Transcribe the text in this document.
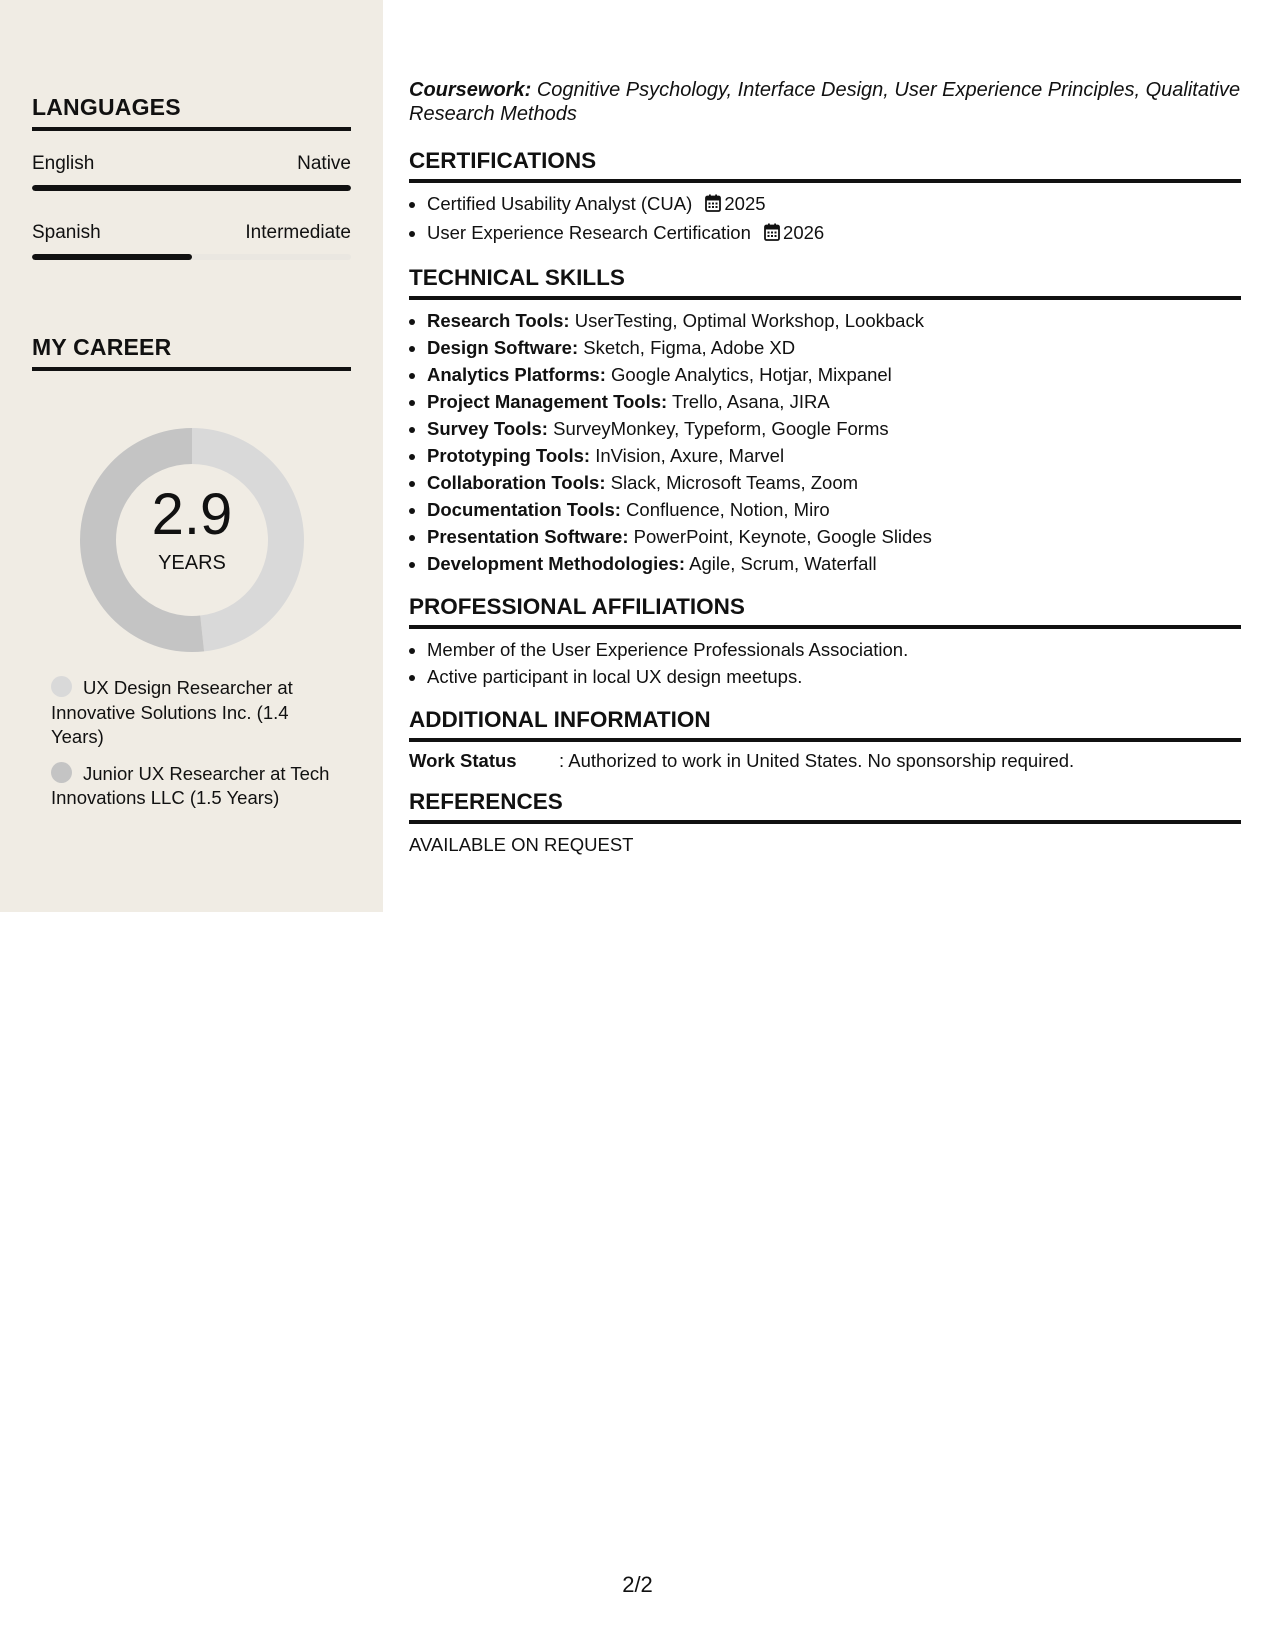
LANGUAGES
English	Native
Spanish	Intermediate
MY CAREER
2.9
YEARS
UX Design Researcher at Innovative Solutions Inc. (1.4 Years)
Junior UX Researcher at Tech Innovations LLC (1.5 Years)

Coursework: Cognitive Psychology, Interface Design, User Experience Principles, Qualitative Research Methods

CERTIFICATIONS
• Certified Usability Analyst (CUA) 2025
• User Experience Research Certification 2026
TECHNICAL SKILLS
• Research Tools: UserTesting, Optimal Workshop, Lookback
• Design Software: Sketch, Figma, Adobe XD
• Analytics Platforms: Google Analytics, Hotjar, Mixpanel
• Project Management Tools: Trello, Asana, JIRA
• Survey Tools: SurveyMonkey, Typeform, Google Forms
• Prototyping Tools: InVision, Axure, Marvel
• Collaboration Tools: Slack, Microsoft Teams, Zoom
• Documentation Tools: Confluence, Notion, Miro
• Presentation Software: PowerPoint, Keynote, Google Slides
• Development Methodologies: Agile, Scrum, Waterfall
PROFESSIONAL AFFILIATIONS
• Member of the User Experience Professionals Association.
• Active participant in local UX design meetups.
ADDITIONAL INFORMATION
Work Status : Authorized to work in United States. No sponsorship required.
REFERENCES
AVAILABLE ON REQUEST
2/2
